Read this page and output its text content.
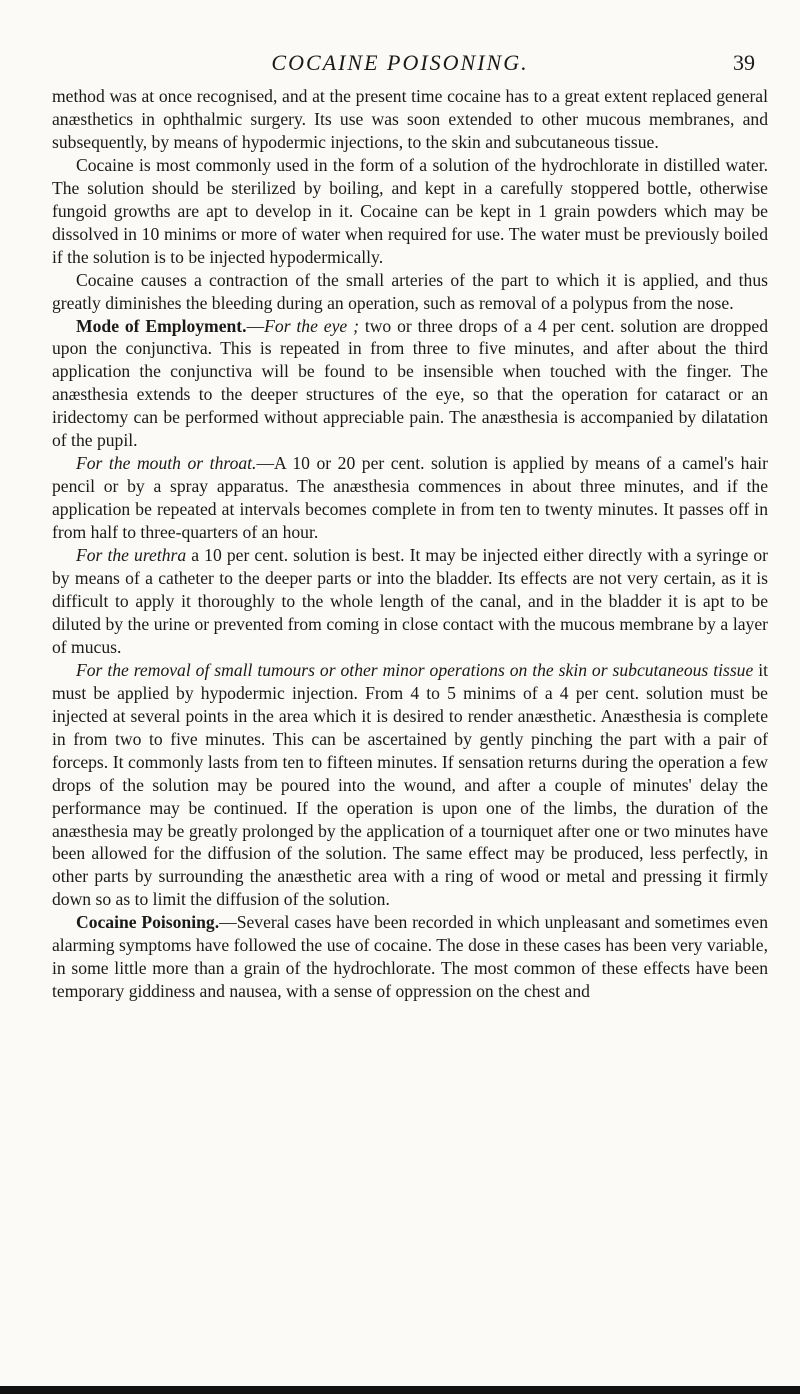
COCAINE POISONING.	39

method was at once recognised, and at the present time cocaine has to a great extent replaced general anæsthetics in ophthalmic surgery. Its use was soon extended to other mucous membranes, and subsequently, by means of hypodermic injections, to the skin and subcutaneous tissue.

Cocaine is most commonly used in the form of a solution of the hydrochlorate in distilled water. The solution should be sterilized by boiling, and kept in a carefully stoppered bottle, otherwise fungoid growths are apt to develop in it. Cocaine can be kept in 1 grain powders which may be dissolved in 10 minims or more of water when required for use. The water must be previously boiled if the solution is to be injected hypodermically.

Cocaine causes a contraction of the small arteries of the part to which it is applied, and thus greatly diminishes the bleeding during an operation, such as removal of a polypus from the nose.

Mode of Employment.—For the eye ; two or three drops of a 4 per cent. solution are dropped upon the conjunctiva. This is repeated in from three to five minutes, and after about the third application the conjunctiva will be found to be insensible when touched with the finger. The anæsthesia extends to the deeper structures of the eye, so that the operation for cataract or an iridectomy can be performed without appreciable pain. The anæsthesia is accompanied by dilatation of the pupil.

For the mouth or throat.—A 10 or 20 per cent. solution is applied by means of a camel's hair pencil or by a spray apparatus. The anæsthesia commences in about three minutes, and if the application be repeated at intervals becomes complete in from ten to twenty minutes. It passes off in from half to three-quarters of an hour.

For the urethra a 10 per cent. solution is best. It may be injected either directly with a syringe or by means of a catheter to the deeper parts or into the bladder. Its effects are not very certain, as it is difficult to apply it thoroughly to the whole length of the canal, and in the bladder it is apt to be diluted by the urine or prevented from coming in close contact with the mucous membrane by a layer of mucus.

For the removal of small tumours or other minor operations on the skin or subcutaneous tissue it must be applied by hypodermic injection. From 4 to 5 minims of a 4 per cent. solution must be injected at several points in the area which it is desired to render anæsthetic. Anæsthesia is complete in from two to five minutes. This can be ascertained by gently pinching the part with a pair of forceps. It commonly lasts from ten to fifteen minutes. If sensation returns during the operation a few drops of the solution may be poured into the wound, and after a couple of minutes' delay the performance may be continued. If the operation is upon one of the limbs, the duration of the anæsthesia may be greatly prolonged by the application of a tourniquet after one or two minutes have been allowed for the diffusion of the solution. The same effect may be produced, less perfectly, in other parts by surrounding the anæsthetic area with a ring of wood or metal and pressing it firmly down so as to limit the diffusion of the solution.

Cocaine Poisoning.—Several cases have been recorded in which unpleasant and sometimes even alarming symptoms have followed the use of cocaine. The dose in these cases has been very variable, in some little more than a grain of the hydrochlorate. The most common of these effects have been temporary giddiness and nausea, with a sense of oppression on the chest and
